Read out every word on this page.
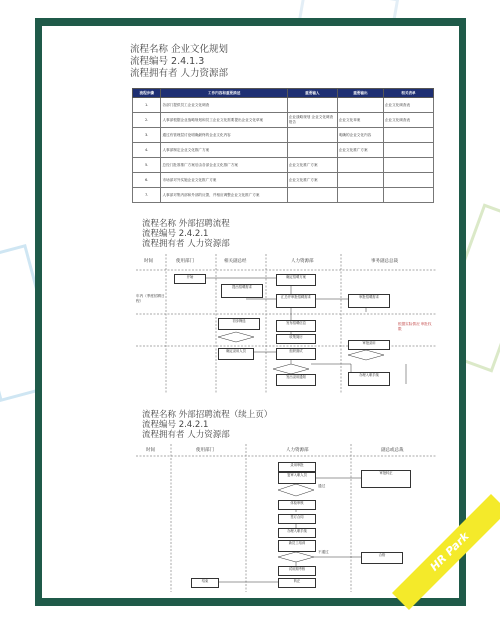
流程名称 企业文化规划
流程编号 2.4.1.3
流程拥有者 人力资源部
流程步骤	工作内容和重要描述	重要输入	重要输出	相关表单
1.	各部门提供员工企业文化调查			企业文化调查表
2.	人事部根据企业战略规划和员工企业文化需要提出企业文化草案	企业战略规划 企业文化调查报告	企业文化草案	企业文化调查表
3.	通过有管理层讨论明确最终的企业文化内容		明确的企业文化内容	
4.	人事部制定企业文化推广方案		企业文化推广方案	
5.	总经门批准推广方案后由各部企业文化推广方案	企业文化推广方案		
6.	市场部对外实施企业文化推广方案	企业文化推广方案		
7.	人事部对集内部和外部的反馈，并相应调整企业文化推广方案			
流程名称 外部招聘流程
流程编号 2.4.2.1
流程拥有者 人力资源部
时间	使用部门	相关副总经	人力资源部	事务副总总裁
年内（季度招聘日程）
开始
提出招聘需求
确定招聘方案
汇总并审批招聘需求	审批招聘需求
发布招聘信息
收集简历
初步筛选
组织面试
确定录用人员
审批录用
发出录用通知	办理入职手续
根据实际情况 审批权限
流程名称 外部招聘流程（续上页）
流程编号 2.4.2.1
流程拥有者 人力资源部
时间	使用部门	人力资源部	副总或总裁
录用审批
复审入职人员	审批转正
体检审核
签订合同
办理入职手续
新员工培训
试用期考核
转正
结束
合格
通过
不通过	HR Park
